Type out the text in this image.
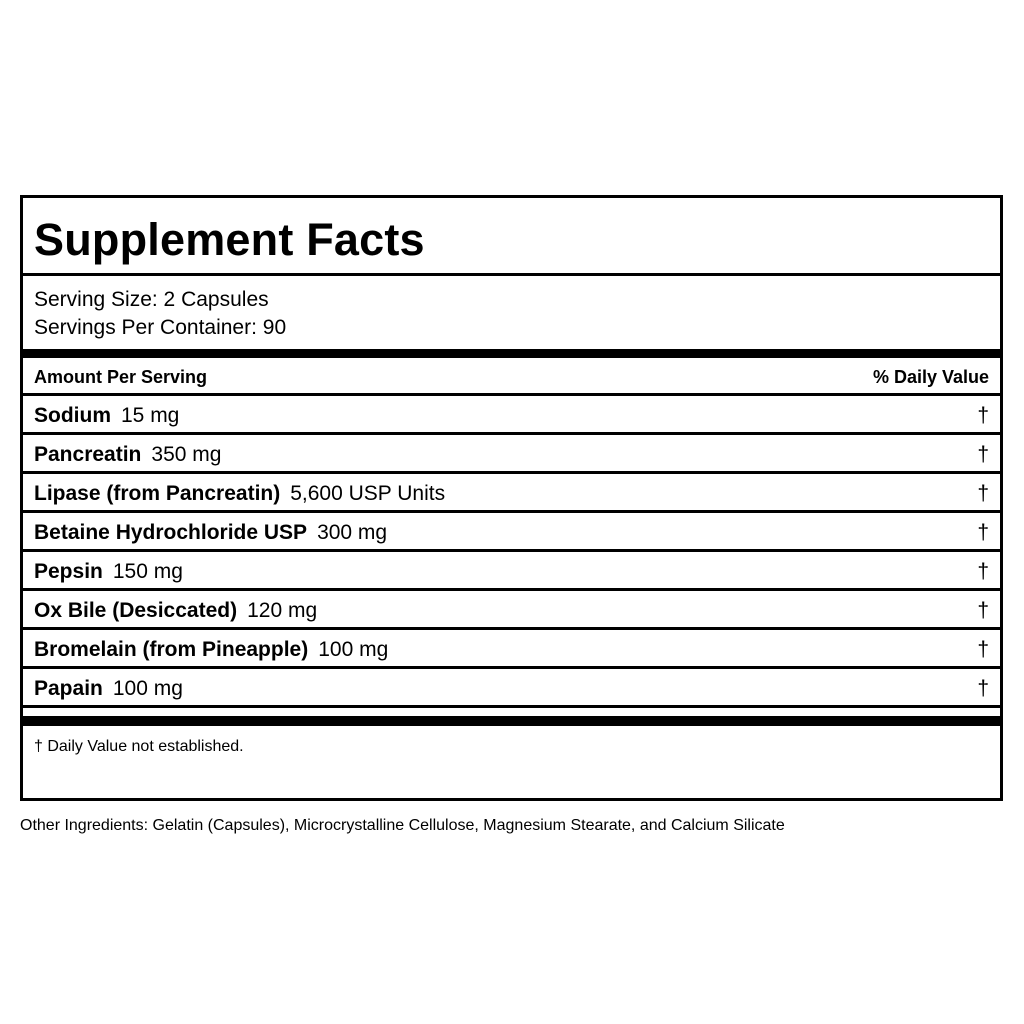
Supplement Facts
Serving Size: 2 Capsules
Servings Per Container: 90
Amount Per Serving	% Daily Value
Sodium 15 mg	†
Pancreatin 350 mg	†
Lipase (from Pancreatin) 5,600 USP Units	†
Betaine Hydrochloride USP 300 mg	†
Pepsin 150 mg	†
Ox Bile (Desiccated) 120 mg	†
Bromelain (from Pineapple) 100 mg	†
Papain 100 mg	†
† Daily Value not established.
Other Ingredients: Gelatin (Capsules), Microcrystalline Cellulose, Magnesium Stearate, and Calcium Silicate
